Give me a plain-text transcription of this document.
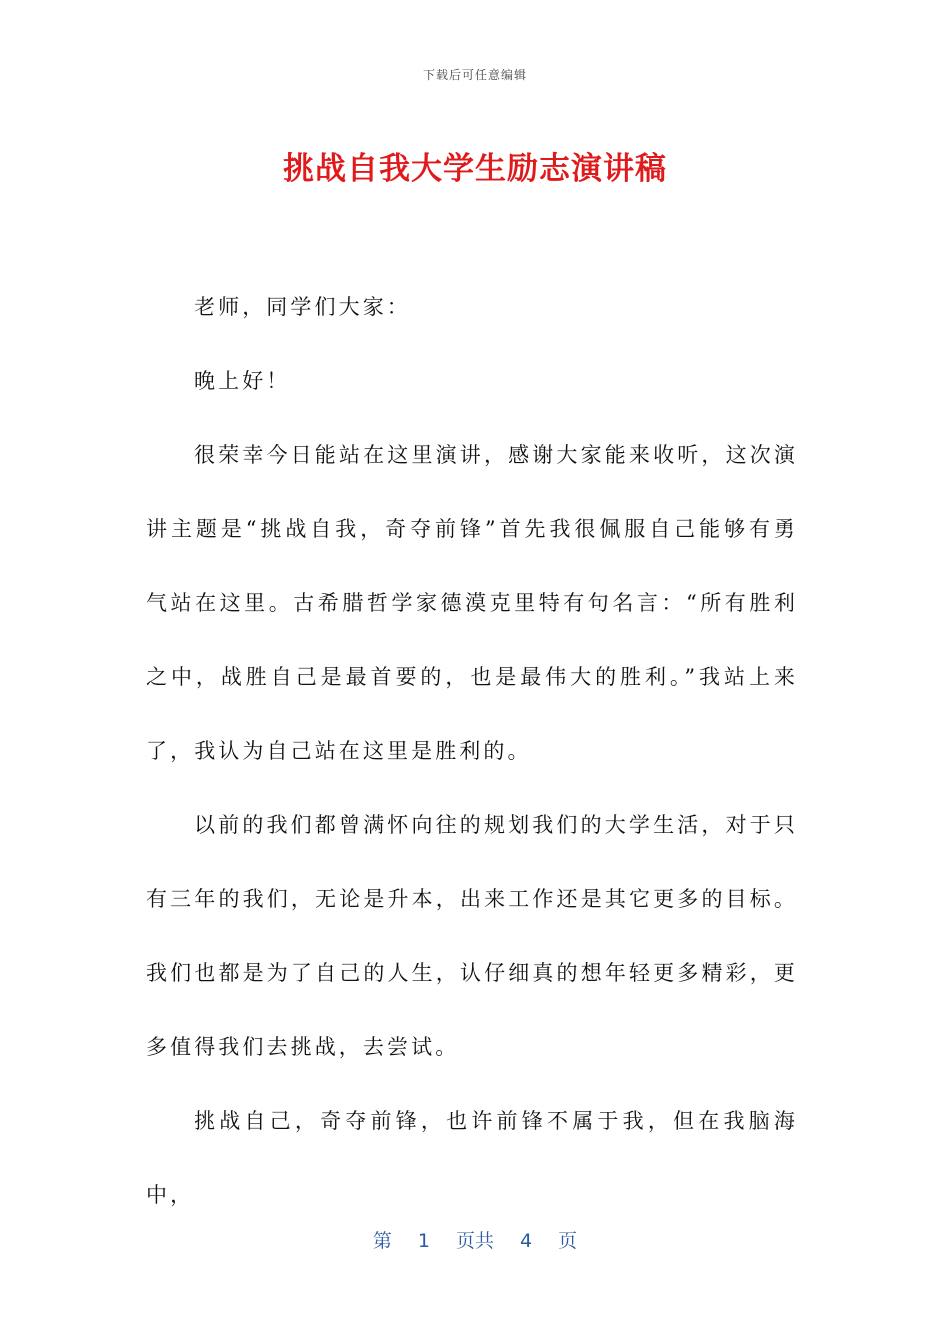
下载后可任意编辑
挑战自我大学生励志演讲稿

老师，同学们大家：

晚上好！

很荣幸今日能站在这里演讲，感谢大家能来收听，这次演讲主题是“挑战自我，奇夺前锋”首先我很佩服自己能够有勇气站在这里。古希腊哲学家德漠克里特有句名言：“所有胜利之中，战胜自己是最首要的，也是最伟大的胜利。”我站上来了，我认为自己站在这里是胜利的。

以前的我们都曾满怀向往的规划我们的大学生活，对于只有三年的我们，无论是升本，出来工作还是其它更多的目标。我们也都是为了自己的人生，认仔细真的想年轻更多精彩，更多值得我们去挑战，去尝试。

挑战自己，奇夺前锋，也许前锋不属于我，但在我脑海中，

第 1 页共 4 页
